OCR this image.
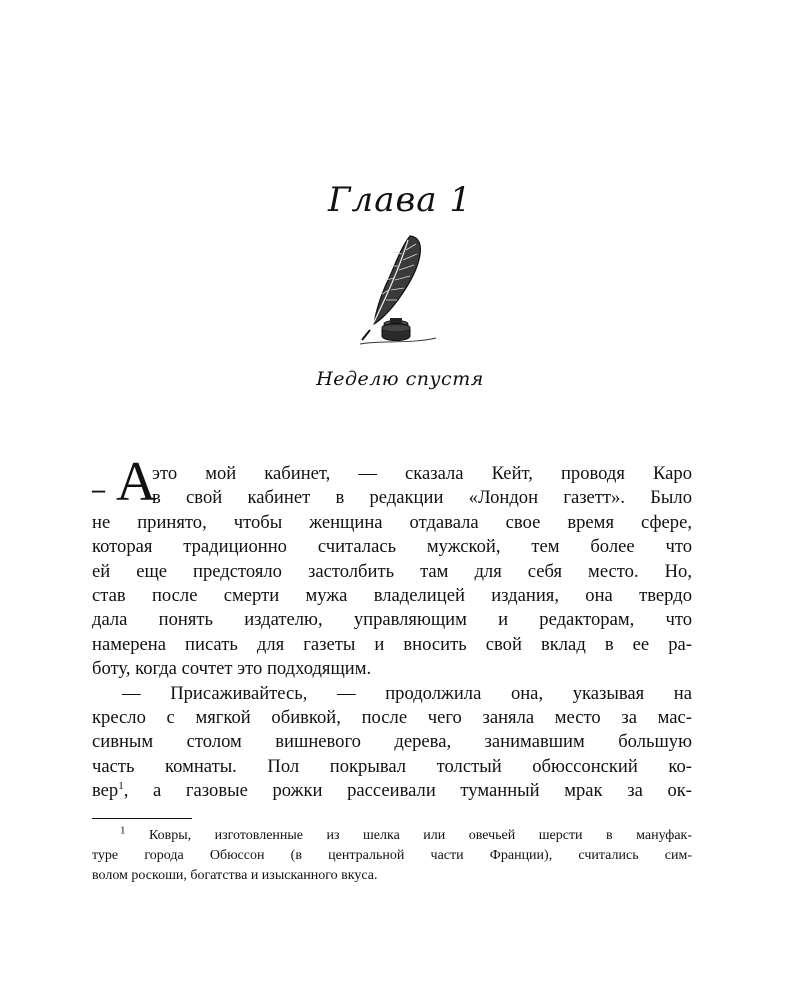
Глава 1
Неделю спустя
– А
это мой кабинет, — сказала Кейт, проводя Каро
в свой кабинет в редакции «Лондон газетт». Было
не принято, чтобы женщина отдавала свое время сфере,
которая традиционно считалась мужской, тем более что
ей еще предстояло застолбить там для себя место. Но,
став после смерти мужа владелицей издания, она твердо
дала понять издателю, управляющим и редакторам, что
намерена писать для газеты и вносить свой вклад в ее ра-
боту, когда сочтет это подходящим.
— Присаживайтесь, — продолжила она, указывая на
кресло с мягкой обивкой, после чего заняла место за мас-
сивным столом вишневого дерева, занимавшим большую
часть комнаты. Пол покрывал толстый обюссонский ко-
вер$^1$, а газовые рожки рассеивали туманный мрак за ок-
$^1$ Ковры, изготовленные из шелка или овечьей шерсти в мануфак-
туре города Обюссон (в центральной части Франции), считались сим-
волом роскоши, богатства и изысканного вкуса.
